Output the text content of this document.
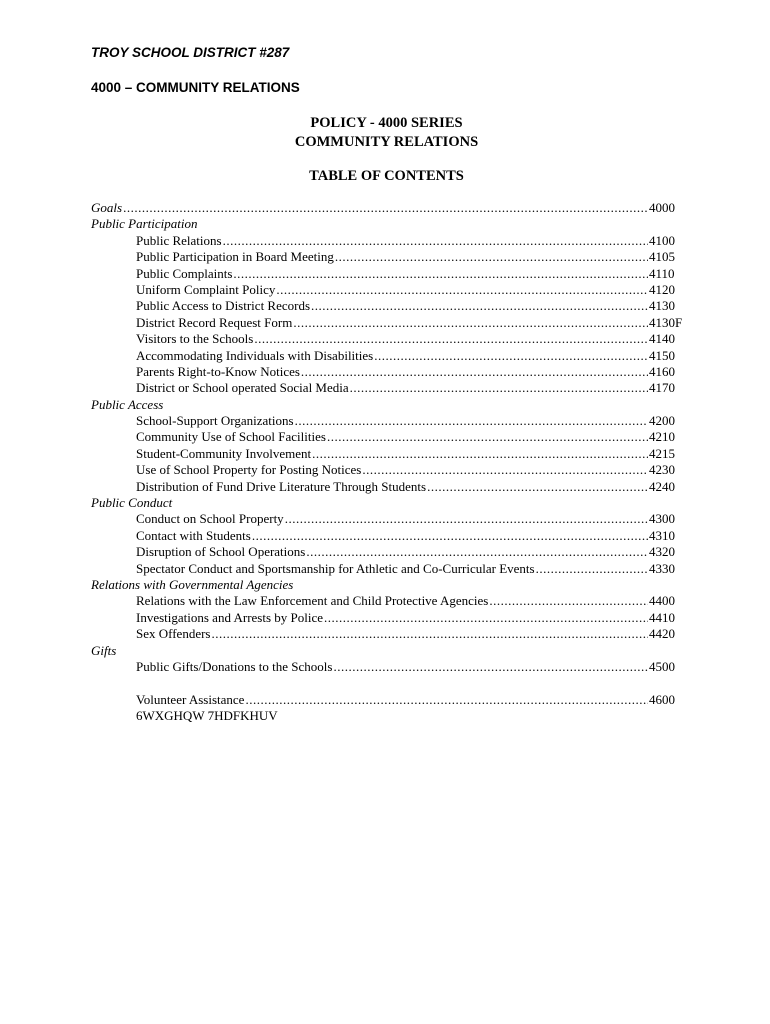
TROY SCHOOL DISTRICT #287
4000 – COMMUNITY RELATIONS
POLICY - 4000 SERIES
COMMUNITY RELATIONS
TABLE OF CONTENTS
Goals .....	4000
Public Participation
Public Relations .....	4100
Public Participation in Board Meeting .....	4105
Public Complaints .....	4110
Uniform Complaint Policy .....	4120
Public Access to District Records .....	4130
District Record Request Form .....	4130F
Visitors to the Schools .....	4140
Accommodating Individuals with Disabilities .....	4150
Parents Right-to-Know Notices .....	4160
District or School operated Social Media .....	4170
Public Access
School-Support Organizations .....	4200
Community Use of School Facilities .....	4210
Student-Community Involvement .....	4215
Use of School Property for Posting Notices .....	4230
Distribution of Fund Drive Literature Through Students .....	4240
Public Conduct
Conduct on School Property .....	4300
Contact with Students .....	4310
Disruption of School Operations .....	4320
Spectator Conduct and Sportsmanship for Athletic and Co-Curricular Events .....	4330
Relations with Governmental Agencies
Relations with the Law Enforcement and Child Protective Agencies .....	4400
Investigations and Arrests by Police .....	4410
Sex Offenders .....	4420
Gifts
Public Gifts/Donations to the Schools .....	4500
Volunteer Assistance .....	4600
6WXGHQW 7HDFKHUV
